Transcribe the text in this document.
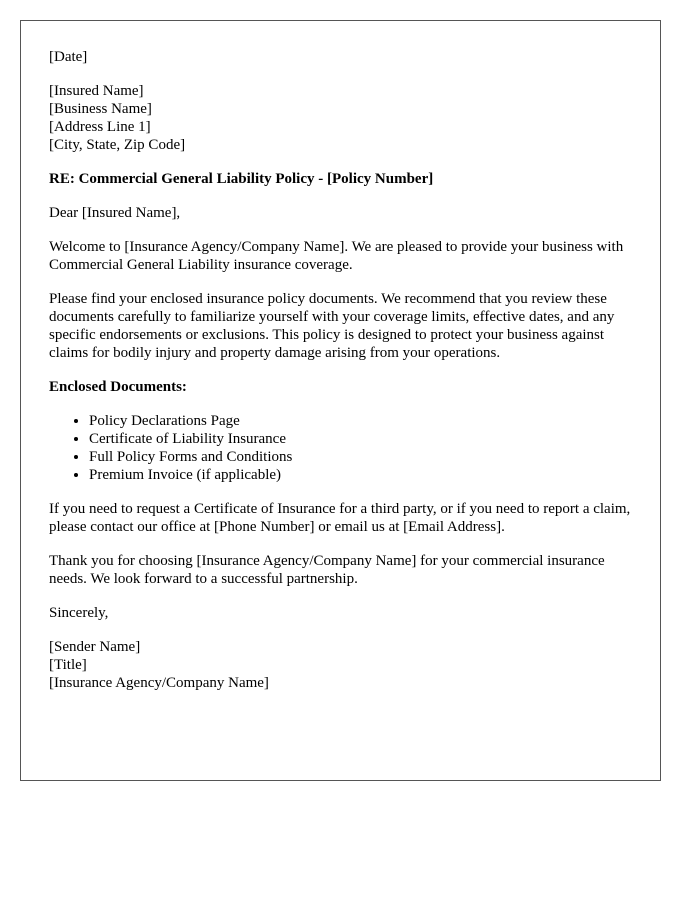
[Date]

[Insured Name]
[Business Name]
[Address Line 1]
[City, State, Zip Code]

RE: Commercial General Liability Policy - [Policy Number]

Dear [Insured Name],

Welcome to [Insurance Agency/Company Name]. We are pleased to provide your business with Commercial General Liability insurance coverage.

Please find your enclosed insurance policy documents. We recommend that you review these documents carefully to familiarize yourself with your coverage limits, effective dates, and any specific endorsements or exclusions. This policy is designed to protect your business against claims for bodily injury and property damage arising from your operations.

Enclosed Documents:

• Policy Declarations Page
• Certificate of Liability Insurance
• Full Policy Forms and Conditions
• Premium Invoice (if applicable)

If you need to request a Certificate of Insurance for a third party, or if you need to report a claim, please contact our office at [Phone Number] or email us at [Email Address].

Thank you for choosing [Insurance Agency/Company Name] for your commercial insurance needs. We look forward to a successful partnership.

Sincerely,

[Sender Name]
[Title]
[Insurance Agency/Company Name]
